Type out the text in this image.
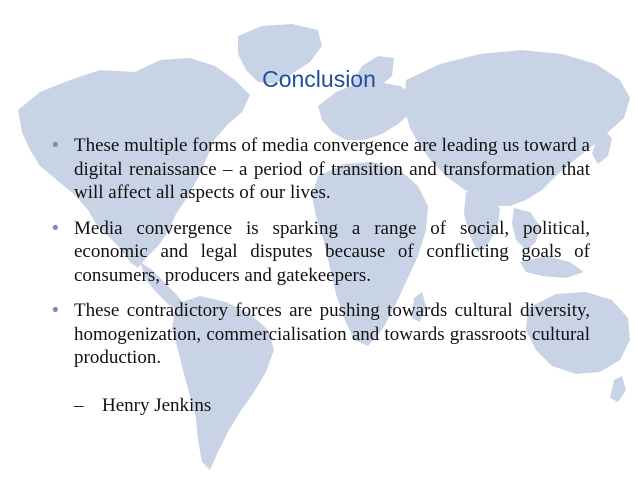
Conclusion
• These multiple forms of media convergence are leading us toward a digital renaissance – a period of transition and transformation that will affect all aspects of our lives.
• Media convergence is sparking a range of social, political, economic and legal disputes because of conflicting goals of consumers, producers and gatekeepers.
• These contradictory forces are pushing towards cultural diversity, homogenization, commercialisation and towards grassroots cultural production.
– Henry Jenkins
